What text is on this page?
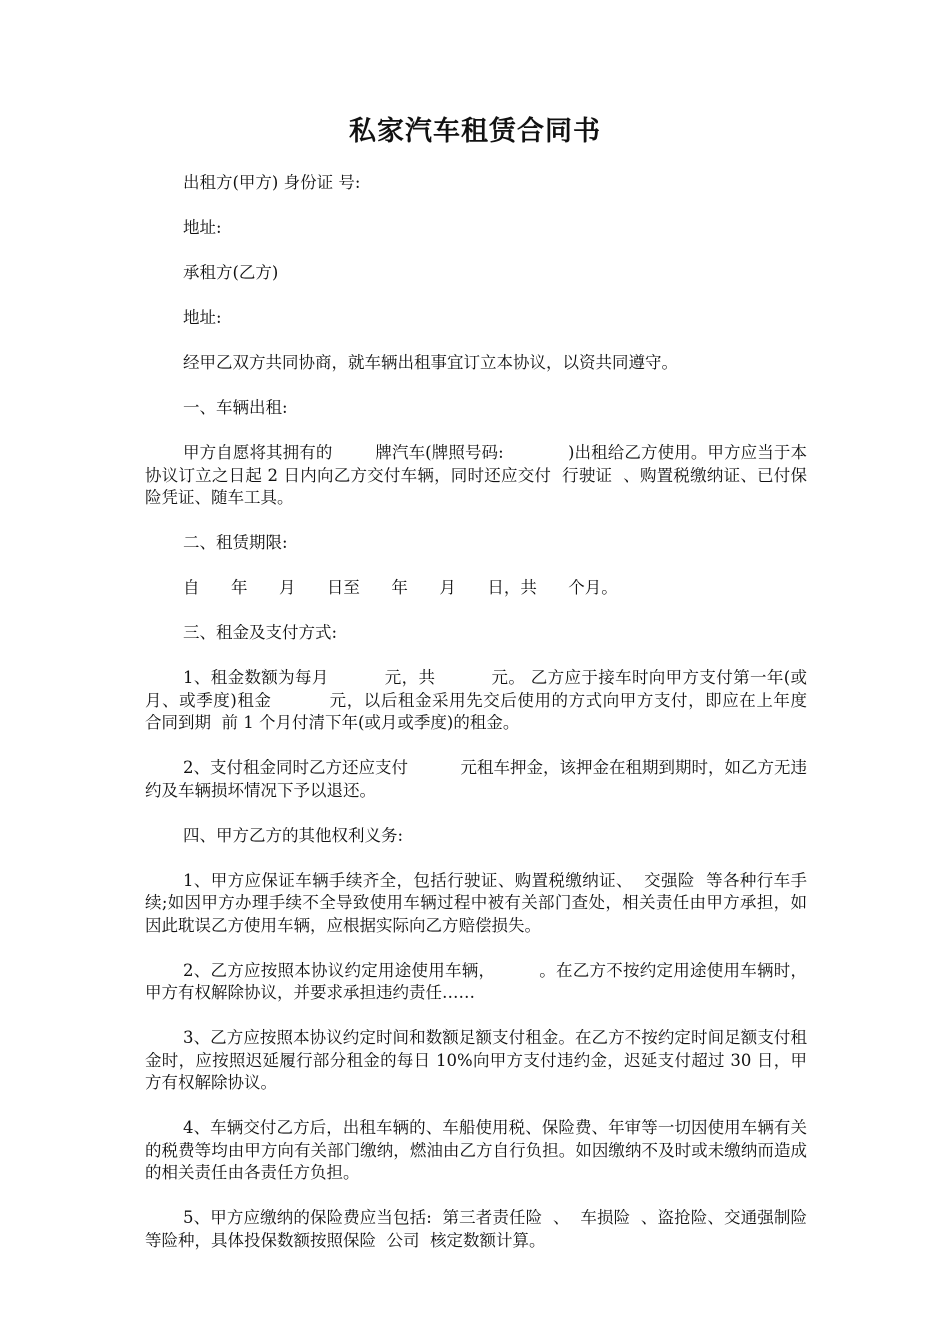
私家汽车租赁合同书

出租方(甲方) 身份证 号:

地址:

承租方(乙方)

地址:

经甲乙双方共同协商，就车辆出租事宜订立本协议，以资共同遵守。

一、车辆出租:

甲方自愿将其拥有的        牌汽车(牌照号码:            )出租给乙方使用。甲方应当于本协议订立之日起 2 日内向乙方交付车辆，同时还应交付  行驶证  、购置税缴纳证、已付保险凭证、随车工具。

二、租赁期限:

自      年      月      日至      年      月      日，共      个月。

三、租金及支付方式:

1、租金数额为每月          元，共          元。 乙方应于接车时向甲方支付第一年(或月、或季度)租金          元，以后租金采用先交后使用的方式向甲方支付，即应在上年度  合同到期  前 1 个月付清下年(或月或季度)的租金。

2、支付租金同时乙方还应支付          元租车押金，该押金在租期到期时，如乙方无违约及车辆损坏情况下予以退还。

四、甲方乙方的其他权利义务:

1、甲方应保证车辆手续齐全，包括行驶证、购置税缴纳证、  交强险  等各种行车手续;如因甲方办理手续不全导致使用车辆过程中被有关部门查处，相关责任由甲方承担，如因此耽误乙方使用车辆，应根据实际向乙方赔偿损失。

2、乙方应按照本协议约定用途使用车辆，        。在乙方不按约定用途使用车辆时，甲方有权解除协议，并要求承担违约责任……

3、乙方应按照本协议约定时间和数额足额支付租金。在乙方不按约定时间足额支付租金时，应按照迟延履行部分租金的每日 10%向甲方支付违约金，迟延支付超过 30 日，甲方有权解除协议。

4、车辆交付乙方后，出租车辆的、车船使用税、保险费、年审等一切因使用车辆有关的税费等均由甲方向有关部门缴纳，燃油由乙方自行负担。如因缴纳不及时或未缴纳而造成的相关责任由各责任方负担。

5、甲方应缴纳的保险费应当包括:  第三者责任险  、  车损险  、盗抢险、交通强制险等险种，具体投保数额按照保险  公司  核定数额计算。
